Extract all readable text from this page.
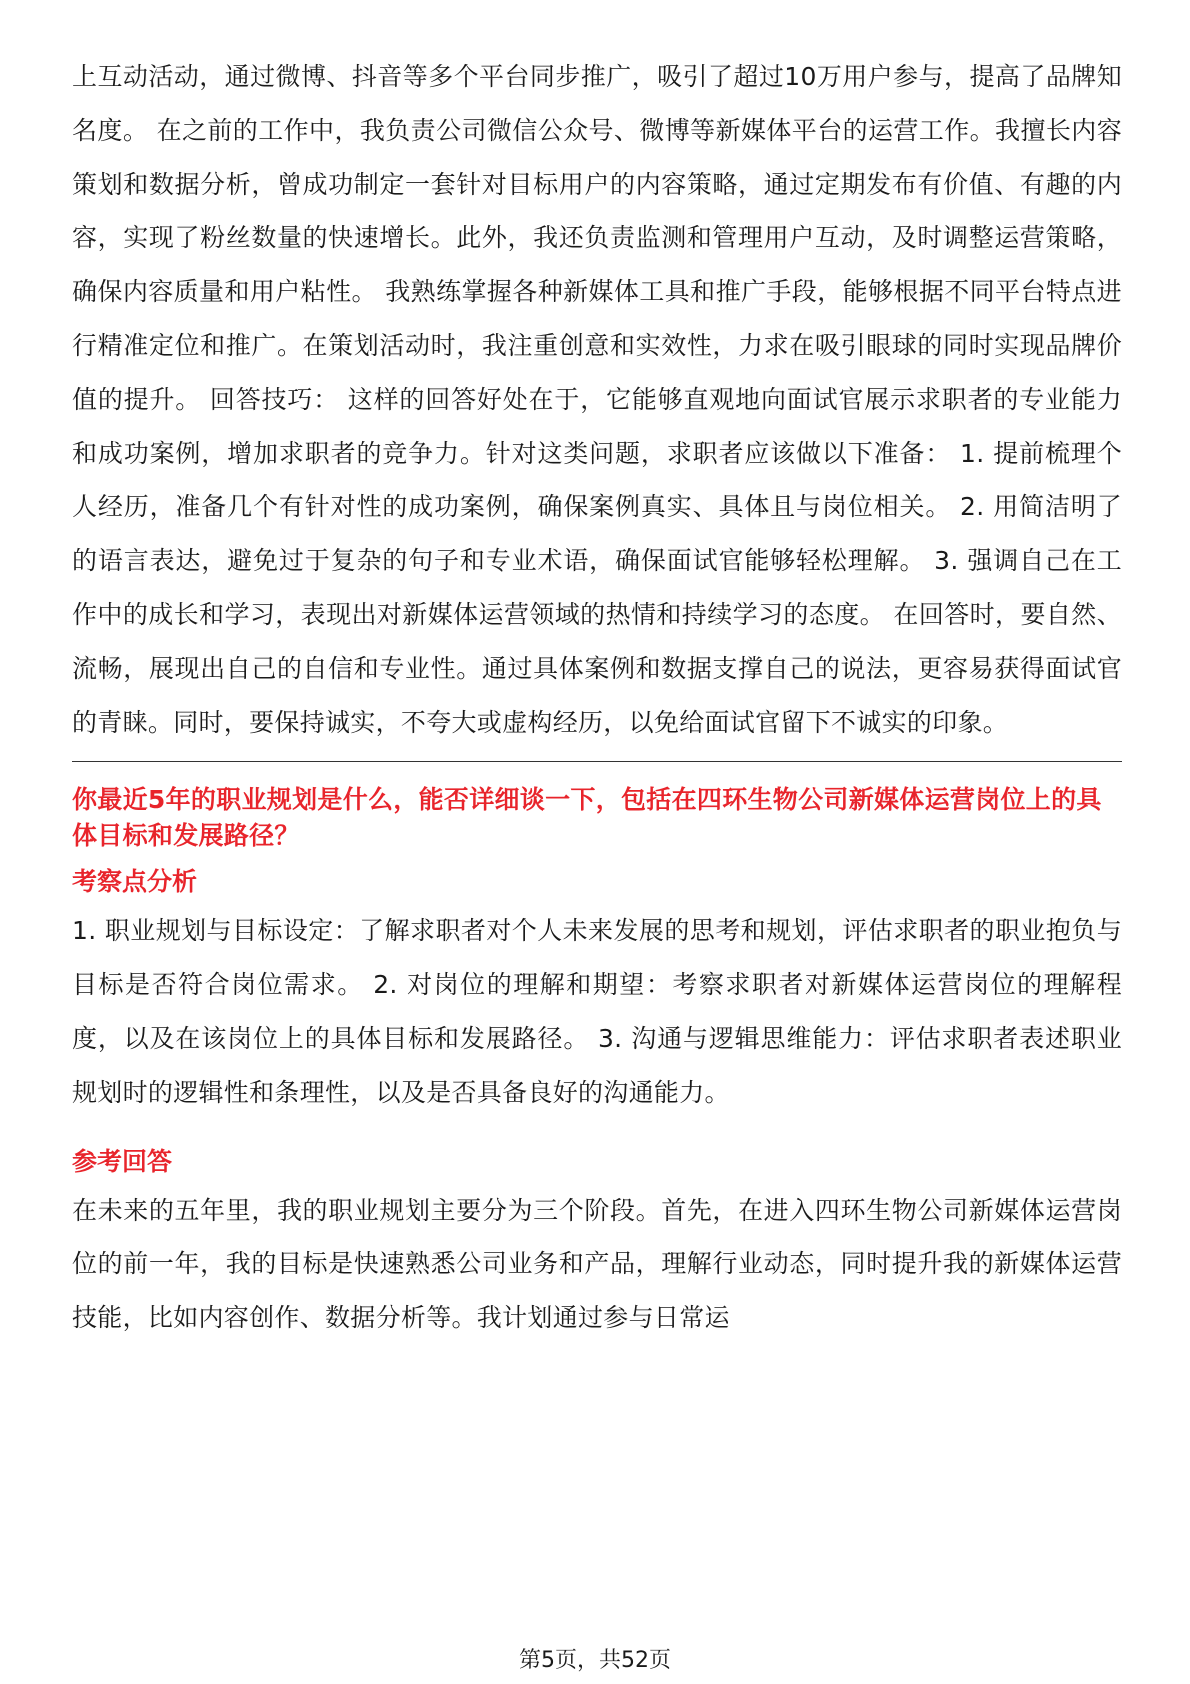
上互动活动，通过微博、抖音等多个平台同步推广，吸引了超过10万用户参与，提高了品牌知名度。 在之前的工作中，我负责公司微信公众号、微博等新媒体平台的运营工作。我擅长内容策划和数据分析，曾成功制定一套针对目标用户的内容策略，通过定期发布有价值、有趣的内容，实现了粉丝数量的快速增长。此外，我还负责监测和管理用户互动，及时调整运营策略，确保内容质量和用户粘性。 我熟练掌握各种新媒体工具和推广手段，能够根据不同平台特点进行精准定位和推广。在策划活动时，我注重创意和实效性，力求在吸引眼球的同时实现品牌价值的提升。 回答技巧： 这样的回答好处在于，它能够直观地向面试官展示求职者的专业能力和成功案例，增加求职者的竞争力。针对这类问题，求职者应该做以下准备： 1. 提前梳理个人经历，准备几个有针对性的成功案例，确保案例真实、具体且与岗位相关。 2. 用简洁明了的语言表达，避免过于复杂的句子和专业术语，确保面试官能够轻松理解。 3. 强调自己在工作中的成长和学习，表现出对新媒体运营领域的热情和持续学习的态度。 在回答时，要自然、流畅，展现出自己的自信和专业性。通过具体案例和数据支撑自己的说法，更容易获得面试官的青睐。同时，要保持诚实，不夸大或虚构经历，以免给面试官留下不诚实的印象。

你最近5年的职业规划是什么，能否详细谈一下，包括在四环生物公司新媒体运营岗位上的具体目标和发展路径？

考察点分析

1. 职业规划与目标设定：了解求职者对个人未来发展的思考和规划，评估求职者的职业抱负与目标是否符合岗位需求。 2. 对岗位的理解和期望：考察求职者对新媒体运营岗位的理解程度，以及在该岗位上的具体目标和发展路径。 3. 沟通与逻辑思维能力：评估求职者表述职业规划时的逻辑性和条理性，以及是否具备良好的沟通能力。

参考回答

在未来的五年里，我的职业规划主要分为三个阶段。首先，在进入四环生物公司新媒体运营岗位的前一年，我的目标是快速熟悉公司业务和产品，理解行业动态，同时提升我的新媒体运营技能，比如内容创作、数据分析等。我计划通过参与日常运

第5页，共52页
